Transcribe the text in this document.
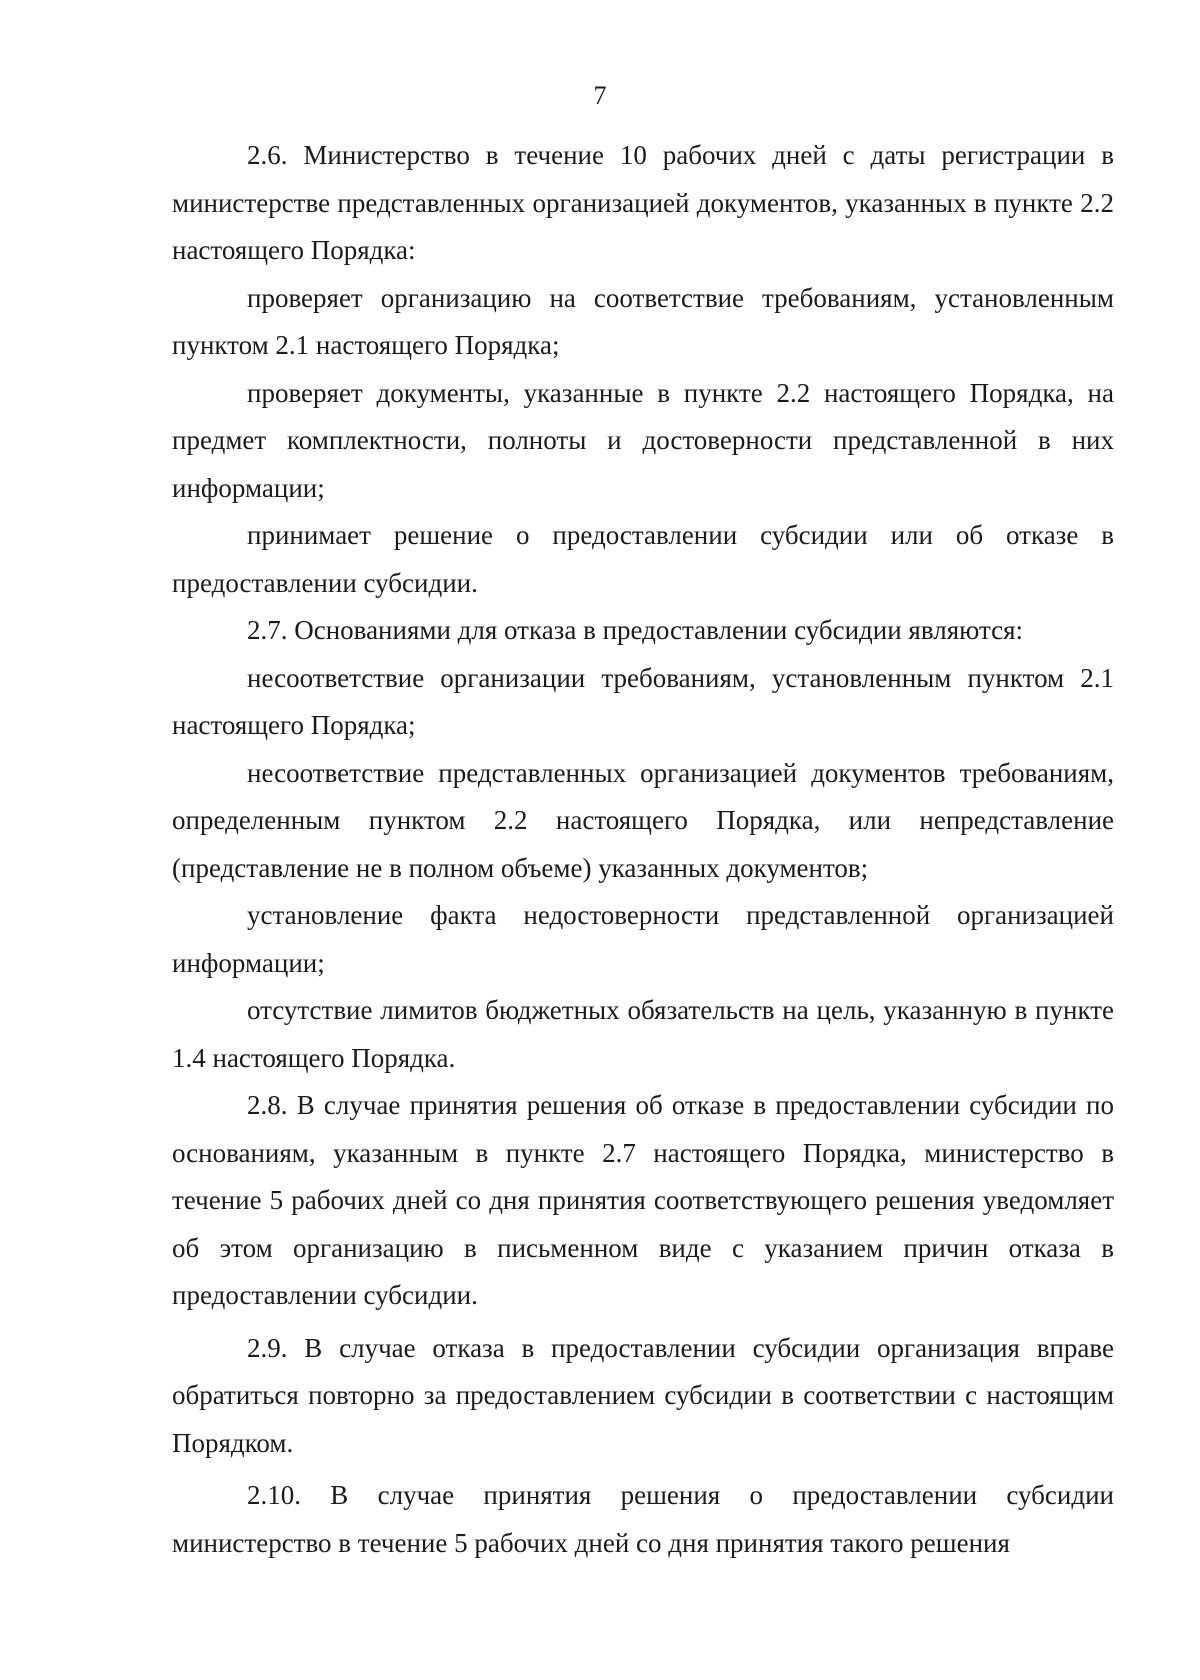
7

2.6. Министерство в течение 10 рабочих дней с даты регистрации в министерстве представленных организацией документов, указанных в пункте 2.2 настоящего Порядка:

проверяет организацию на соответствие требованиям, установленным пунктом 2.1 настоящего Порядка;

проверяет документы, указанные в пункте 2.2 настоящего Порядка, на предмет комплектности, полноты и достоверности представленной в них информации;

принимает решение о предоставлении субсидии или об отказе в предоставлении субсидии.

2.7. Основаниями для отказа в предоставлении субсидии являются:

несоответствие организации требованиям, установленным пунктом 2.1 настоящего Порядка;

несоответствие представленных организацией документов требованиям, определенным пунктом 2.2 настоящего Порядка, или непредставление (представление не в полном объеме) указанных документов;

установление факта недостоверности представленной организацией информации;

отсутствие лимитов бюджетных обязательств на цель, указанную в пункте 1.4 настоящего Порядка.

2.8. В случае принятия решения об отказе в предоставлении субсидии по основаниям, указанным в пункте 2.7 настоящего Порядка, министерство в течение 5 рабочих дней со дня принятия соответствующего решения уведомляет об этом организацию в письменном виде с указанием причин отказа в предоставлении субсидии.

2.9. В случае отказа в предоставлении субсидии организация вправе обратиться повторно за предоставлением субсидии в соответствии с настоящим Порядком.

2.10. В случае принятия решения о предоставлении субсидии министерство в течение 5 рабочих дней со дня принятия такого решения
